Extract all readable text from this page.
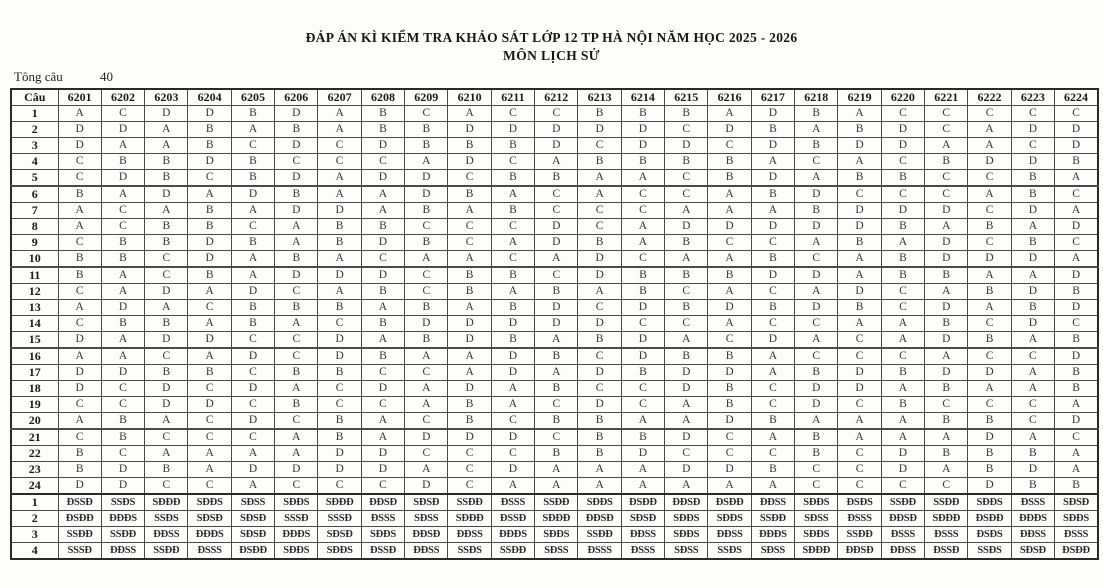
ĐÁP ÁN KÌ KIỂM TRA KHẢO SÁT LỚP 12 TP HÀ NỘI NĂM HỌC 2025 - 2026
MÔN LỊCH SỬ
Tông câu	40
Câu	6201	6202	6203	6204	6205	6206	6207	6208	6209	6210	6211	6212	6213	6214	6215	6216	6217	6218	6219	6220	6221	6222	6223	6224
1	A	C	D	D	B	D	A	B	C	A	C	C	B	B	B	A	D	B	A	C	C	C	C	C
2	D	D	A	B	A	B	A	B	B	D	D	D	D	D	C	D	B	A	B	D	C	A	D	D
3	D	A	A	B	C	D	C	D	B	B	B	D	C	D	D	C	D	B	D	D	A	A	C	D
4	C	B	B	D	B	C	C	C	A	D	C	A	B	B	B	B	A	C	A	C	B	D	D	B
5	C	D	B	C	B	D	A	D	D	C	B	B	A	A	C	B	D	A	B	B	C	C	B	A
6	B	A	D	A	D	B	A	A	D	B	A	C	A	C	C	A	B	D	C	C	C	A	B	C
7	A	C	A	B	A	D	D	A	B	A	B	C	C	C	A	A	A	B	D	D	D	C	D	A
8	A	C	B	B	C	A	B	B	C	C	C	D	C	A	D	D	D	D	D	B	A	B	A	D
9	C	B	B	D	B	A	B	D	B	C	A	D	B	A	B	C	C	A	B	A	D	C	B	C
10	B	B	C	D	A	B	A	C	A	A	C	A	D	C	A	A	B	C	A	B	D	D	D	A
11	B	A	C	B	A	D	D	D	C	B	B	C	D	B	B	B	D	D	A	B	B	A	A	D
12	C	A	D	A	D	C	A	B	C	B	A	B	A	B	C	A	C	A	D	C	A	B	D	B
13	A	D	A	C	B	B	B	A	B	A	B	D	C	D	B	D	B	D	B	C	D	A	B	D
14	C	B	B	A	B	A	C	B	D	D	D	D	D	C	C	A	C	C	A	A	B	C	D	C
15	D	A	D	D	C	C	D	A	B	D	B	A	B	D	A	C	D	A	C	A	D	B	A	B
16	A	A	C	A	D	C	D	B	A	A	D	B	C	D	B	B	A	C	C	C	A	C	C	D
17	D	D	B	B	C	B	B	C	C	A	D	A	D	B	D	D	A	B	D	B	D	D	A	B
18	D	C	D	C	D	A	C	D	A	D	A	B	C	C	D	B	C	D	D	A	B	A	A	B
19	C	C	D	D	C	B	C	C	A	B	A	C	D	C	A	B	C	D	C	B	C	C	C	A
20	A	B	A	C	D	C	B	A	C	B	C	B	B	A	A	D	B	A	A	A	B	B	C	D
21	C	B	C	C	C	A	B	A	D	D	D	C	B	B	D	C	A	B	A	A	A	D	A	C
22	B	C	A	A	A	A	D	D	C	C	C	B	B	D	C	C	C	B	C	D	B	B	B	A
23	B	D	B	A	D	D	D	D	A	C	D	A	A	A	D	D	B	C	C	D	A	B	D	A
24	D	D	C	C	A	C	C	C	D	C	A	A	A	A	A	A	A	C	C	C	C	D	B	B
1	ĐSSĐ	SSĐS	SĐĐĐ	SĐĐS	SĐSS	SĐĐS	SĐĐĐ	ĐĐSĐ	SĐSĐ	SSĐĐ	ĐSSS	SSĐĐ	SĐĐS	ĐSĐĐ	ĐĐSĐ	ĐSĐĐ	ĐĐSS	SĐĐS	ĐSĐS	SSĐĐ	SSĐĐ	SĐĐS	ĐSSS	SĐSĐ
2	ĐSĐĐ	ĐĐĐS	SSĐS	SĐSĐ	SĐSĐ	SSSĐ	SSSĐ	ĐSSS	SĐSS	SĐĐĐ	ĐSSĐ	SĐĐĐ	ĐĐSĐ	SĐSĐ	SĐĐS	SĐĐS	SSĐĐ	SĐSS	ĐSSS	ĐĐSĐ	SĐĐĐ	ĐSĐĐ	ĐĐĐS	SĐĐS
3	SSĐĐ	SSĐĐ	ĐĐSS	ĐĐĐS	SĐSĐ	ĐĐĐS	SĐSĐ	SĐĐS	ĐĐSĐ	ĐĐSS	ĐĐĐS	SĐĐS	SSĐĐ	ĐĐSS	SĐĐS	ĐĐSS	ĐĐĐS	SĐĐS	SSĐĐ	ĐSSS	ĐSSS	ĐSĐS	ĐĐSS	ĐSSS
4	SSSĐ	ĐĐSS	SSĐĐ	ĐSSS	ĐSĐĐ	SĐĐS	SĐĐS	ĐSSĐ	ĐĐSS	SSĐS	SSĐĐ	SĐSS	ĐSSS	ĐSSS	SĐSS	SSĐS	SĐSS	SĐĐĐ	ĐĐSĐ	ĐĐSS	ĐSSĐ	SSĐS	SĐSĐ	ĐSĐĐ
